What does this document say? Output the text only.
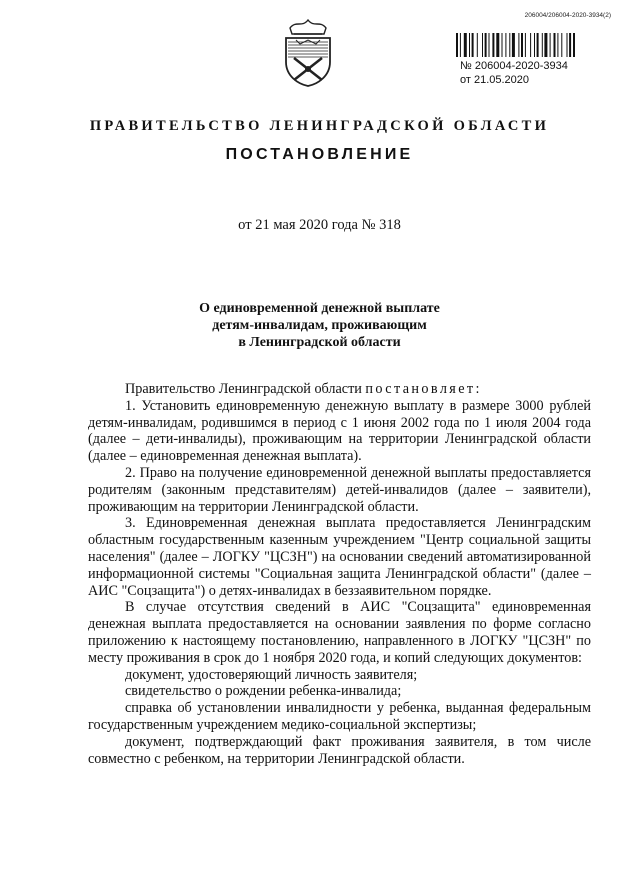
206004/206004-2020-3934(2)
№ 206004-2020-3934
от 21.05.2020
ПРАВИТЕЛЬСТВО ЛЕНИНГРАДСКОЙ ОБЛАСТИ
ПОСТАНОВЛЕНИЕ
от 21 мая 2020 года № 318
О единовременной денежной выплате
детям-инвалидам, проживающим
в Ленинградской области

Правительство Ленинградской области постановляет:

1. Установить единовременную денежную выплату в размере 3000 рублей детям-инвалидам, родившимся в период с 1 июня 2002 года по 1 июля 2004 года (далее – дети-инвалиды), проживающим на территории Ленинградской области (далее – единовременная денежная выплата).

2. Право на получение единовременной денежной выплаты предоставляется родителям (законным представителям) детей-инвалидов (далее – заявители), проживающим на территории Ленинградской области.

3. Единовременная денежная выплата предоставляется Ленинградским областным государственным казенным учреждением "Центр социальной защиты населения" (далее – ЛОГКУ "ЦСЗН") на основании сведений автоматизированной информационной системы "Социальная защита Ленинградской области" (далее – АИС "Соцзащита") о детях-инвалидах в беззаявительном порядке.

В случае отсутствия сведений в АИС "Соцзащита" единовременная денежная выплата предоставляется на основании заявления по форме согласно приложению к настоящему постановлению, направленного в ЛОГКУ "ЦСЗН" по месту проживания в срок до 1 ноября 2020 года, и копий следующих документов:

документ, удостоверяющий личность заявителя;

свидетельство о рождении ребенка-инвалида;

справка об установлении инвалидности у ребенка, выданная федеральным государственным учреждением медико-социальной экспертизы;

документ, подтверждающий факт проживания заявителя, в том числе совместно с ребенком, на территории Ленинградской области.
